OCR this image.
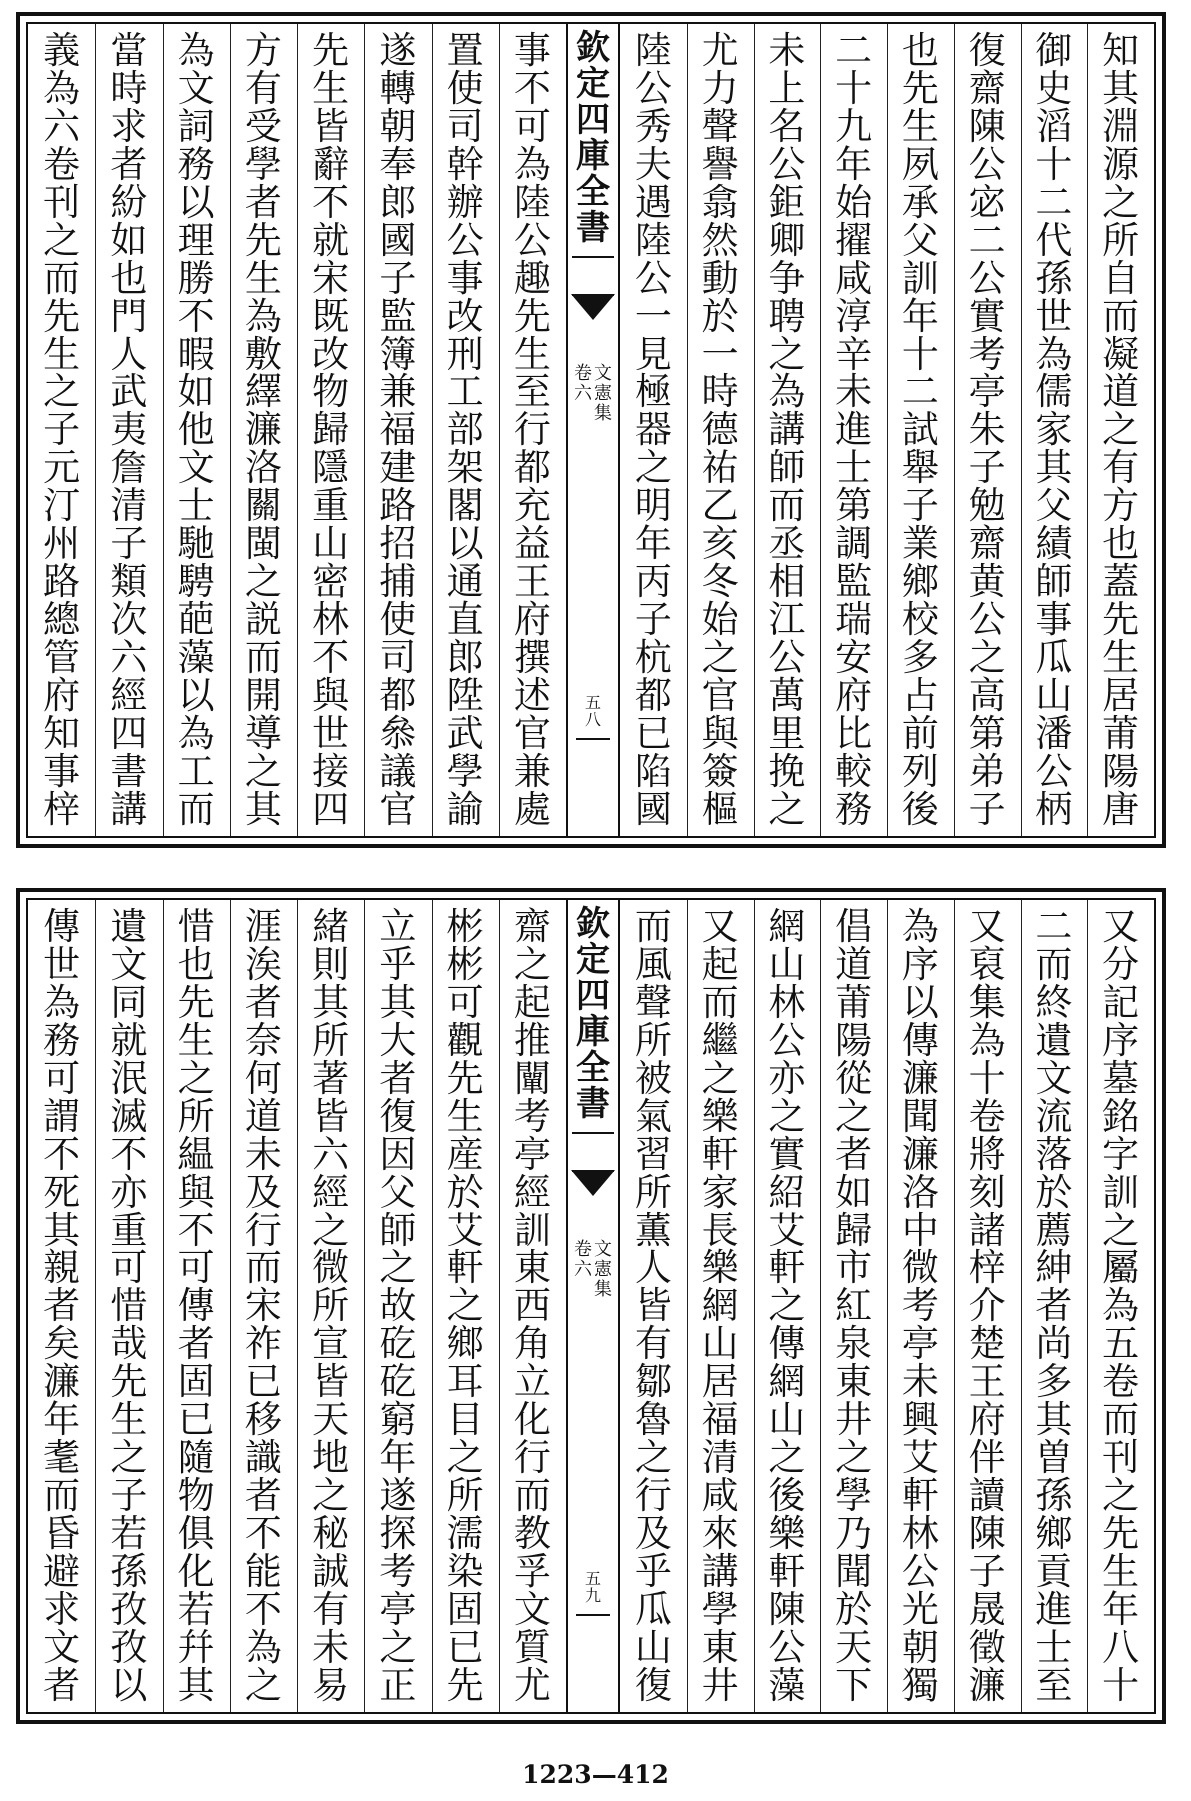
知
其
淵
源
之
所
自
而
凝
道
之
有
方
也
蓋
先
生
居
莆
陽
唐
御
史
滔
十
二
代
孫
世
為
儒
家
其
父
績
師
事
瓜
山
潘
公
柄
復
齋
陳
公
宓
二
公
實
考
亭
朱
子
勉
齋
黄
公
之
高
第
弟
子
也
先
生
夙
承
父
訓
年
十
二
試
舉
子
業
鄉
校
多
占
前
列
後
二
十
九
年
始
擢
咸
淳
辛
未
進
士
第
調
監
瑞
安
府
比
較
務
未
上
名
公
鉅
卿
争
聘
之
為
講
師
而
丞
相
江
公
萬
里
挽
之
尤
力
聲
譽
翕
然
動
於
一
時
德
祐
乙
亥
冬
始
之
官
與
簽
樞
陸
公
秀
夫
遇
陸
公
一
見
極
器
之
明
年
丙
子
杭
都
已
陷
國
事
不
可
為
陸
公
趣
先
生
至
行
都
充
益
王
府
撰
述
官
兼
處
置
使
司
幹
辦
公
事
改
刑
工
部
架
閣
以
通
直
郎
陞
武
學
諭
遂
轉
朝
奉
郎
國
子
監
簿
兼
福
建
路
招
捕
使
司
都
叅
議
官
先
生
皆
辭
不
就
宋
既
改
物
歸
隱
重
山
密
林
不
與
世
接
四
方
有
受
學
者
先
生
為
敷
繹
濂
洛
關
閩
之
説
而
開
導
之
其
為
文
詞
務
以
理
勝
不
暇
如
他
文
士
馳
騁
葩
藻
以
為
工
而
當
時
求
者
紛
如
也
門
人
武
夷
詹
清
子
類
次
六
經
四
書
講
義
為
六
卷
刊
之
而
先
生
之
子
元
汀
州
路
總
管
府
知
事
梓
欽
定
四
庫
全
書
文
憲
集
卷
六
五
八
又
分
記
序
墓
銘
字
訓
之
屬
為
五
卷
而
刊
之
先
生
年
八
十
二
而
終
遺
文
流
落
於
薦
紳
者
尚
多
其
曽
孫
鄉
貢
進
士
至
又
裒
集
為
十
卷
將
刻
諸
梓
介
楚
王
府
伴
讀
陳
子
晟
徵
濂
為
序
以
傳
濂
聞
濂
洛
中
微
考
亭
未
興
艾
軒
林
公
光
朝
獨
倡
道
莆
陽
從
之
者
如
歸
市
紅
泉
東
井
之
學
乃
聞
於
天
下
網
山
林
公
亦
之
實
紹
艾
軒
之
傳
網
山
之
後
樂
軒
陳
公
藻
又
起
而
繼
之
樂
軒
家
長
樂
網
山
居
福
清
咸
來
講
學
東
井
而
風
聲
所
被
氣
習
所
薫
人
皆
有
鄒
魯
之
行
及
乎
瓜
山
復
齋
之
起
推
闡
考
亭
經
訓
東
西
角
立
化
行
而
教
孚
文
質
尤
彬
彬
可
觀
先
生
産
於
艾
軒
之
鄉
耳
目
之
所
濡
染
固
已
先
立
乎
其
大
者
復
因
父
師
之
故
矻
矻
窮
年
遂
探
考
亭
之
正
緒
則
其
所
著
皆
六
經
之
微
所
宣
皆
天
地
之
秘
誠
有
未
易
涯
涘
者
奈
何
道
未
及
行
而
宋
祚
已
移
識
者
不
能
不
為
之
惜
也
先
生
之
所
緼
與
不
可
傳
者
固
已
隨
物
俱
化
若
幷
其
遺
文
同
就
泯
滅
不
亦
重
可
惜
哉
先
生
之
子
若
孫
孜
孜
以
傳
世
為
務
可
謂
不
死
其
親
者
矣
濂
年
耄
而
昏
避
求
文
者
欽
定
四
庫
全
書
文
憲
集
卷
六
五
九
1223—412
